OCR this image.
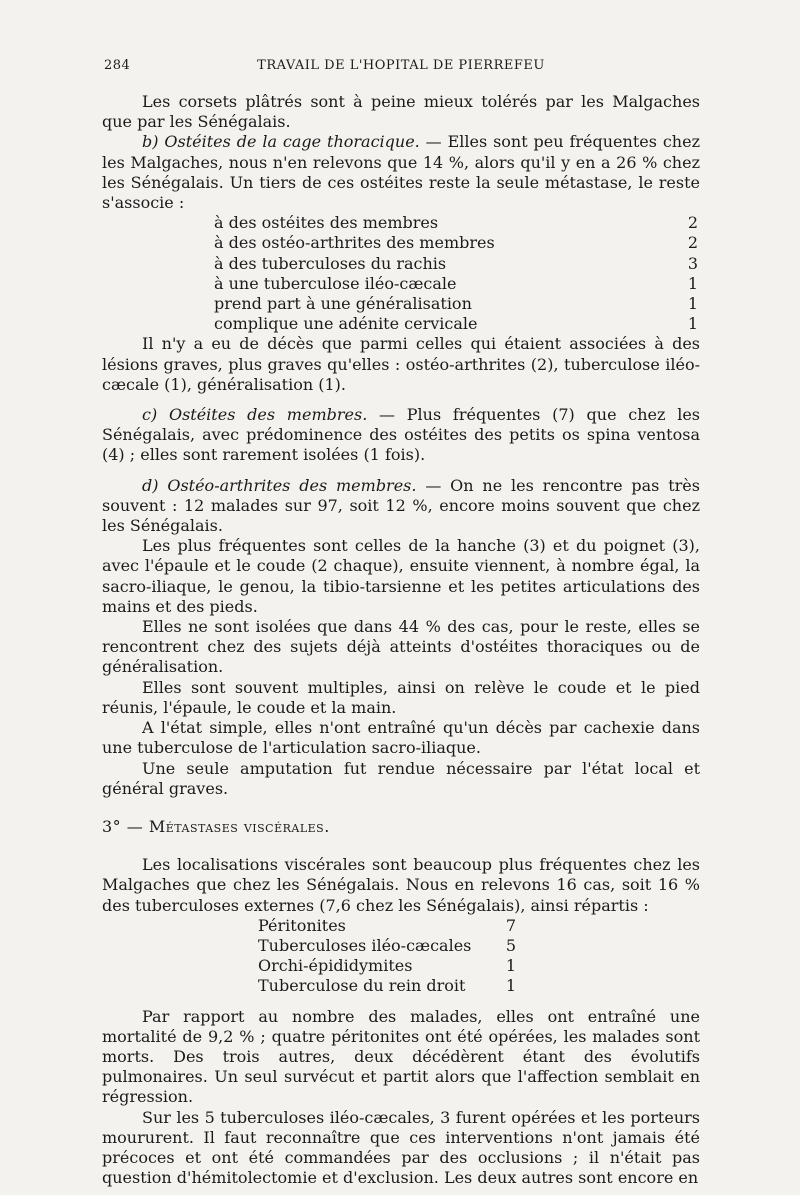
284	TRAVAIL DE L'HOPITAL DE PIERREFEU

Les corsets plâtrés sont à peine mieux tolérés par les Malgaches que par les Sénégalais.

b) Ostéites de la cage thoracique. — Elles sont peu fréquentes chez les Malgaches, nous n'en relevons que 14 %, alors qu'il y en a 26 % chez les Sénégalais. Un tiers de ces ostéites reste la seule métastase, le reste s'associe :

à des ostéites des membres	2
à des ostéo-arthrites des membres	2
à des tuberculoses du rachis	3
à une tuberculose iléo-cæcale	1
prend part à une généralisation	1
complique une adénite cervicale	1

Il n'y a eu de décès que parmi celles qui étaient associées à des lésions graves, plus graves qu'elles : ostéo-arthrites (2), tuberculose iléo-cæcale (1), généralisation (1).

c) Ostéites des membres. — Plus fréquentes (7) que chez les Sénégalais, avec prédominence des ostéites des petits os spina ventosa (4) ; elles sont rarement isolées (1 fois).

d) Ostéo-arthrites des membres. — On ne les rencontre pas très souvent : 12 malades sur 97, soit 12 %, encore moins souvent que chez les Sénégalais.

Les plus fréquentes sont celles de la hanche (3) et du poignet (3), avec l'épaule et le coude (2 chaque), ensuite viennent, à nombre égal, la sacro-iliaque, le genou, la tibio-tarsienne et les petites articulations des mains et des pieds.

Elles ne sont isolées que dans 44 % des cas, pour le reste, elles se rencontrent chez des sujets déjà atteints d'ostéites thoraciques ou de généralisation.

Elles sont souvent multiples, ainsi on relève le coude et le pied réunis, l'épaule, le coude et la main.

A l'état simple, elles n'ont entraîné qu'un décès par cachexie dans une tuberculose de l'articulation sacro-iliaque.

Une seule amputation fut rendue nécessaire par l'état local et général graves.

3° — Métastases viscérales.

Les localisations viscérales sont beaucoup plus fréquentes chez les Malgaches que chez les Sénégalais. Nous en relevons 16 cas, soit 16 % des tuberculoses externes (7,6 chez les Sénégalais), ainsi répartis :

Péritonites	7
Tuberculoses iléo-cæcales	5
Orchi-épididymites	1
Tuberculose du rein droit	1

Par rapport au nombre des malades, elles ont entraîné une mortalité de 9,2 % ; quatre péritonites ont été opérées, les malades sont morts. Des trois autres, deux décédèrent étant des évolutifs pulmonaires. Un seul survécut et partit alors que l'affection semblait en régression.

Sur les 5 tuberculoses iléo-cæcales, 3 furent opérées et les porteurs moururent. Il faut reconnaître que ces interventions n'ont jamais été précoces et ont été commandées par des occlusions ; il n'était pas question d'hémitolectomie et d'exclusion. Les deux autres sont encore en
